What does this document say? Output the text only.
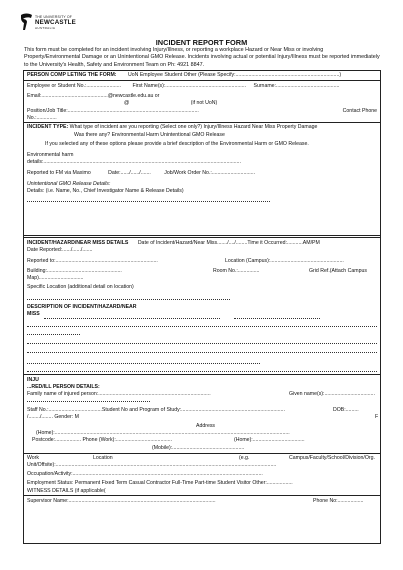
THE UNIVERSITY OF
NEWCASTLE
AUSTRALIA
INCIDENT REPORT FORM
This form must be completed for an incident involving Injury/Illness, or reporting a workplace Hazard or Near Miss or involving Property/Environmental Damage or an Unintentional GMO Release. Incidents involving actual or potential Injury/Illness must be reported immediately to the University's Health, Safety and Environment Team on Ph: 4921 8847.
PERSON COMP LETING THE FORM: UoN Employee Student Other (Please Specify:........................................................................)
Employee or Student No.:........................ First Name(s):........................................................ Surname:............................................
Email:..............................................@newcastle.edu.au or
@	(if not UoN)
Position/Job Title:...........................................................................................	Contact Phone
No.:..............
INCIDENT TYPE: What type of incident are you reporting (Select one only?) Injury/Illness Hazard Near Miss Property Damage
Was there any? Environmental Harm Unintentional GMO Release
If you selected any of these options please provide a brief description of the Environmental Harm or GMO Release.
Environmental harm
details:.........................................................................................................................................
Reported to FM via Maximo	Date:....../....../.......	Job/Work Order No.:..............................
Unintentional GMO Release Details:
Details: (i.e. Name, No., Chief Investigator Name & Release Details)
INCIDENT/HAZARD/NEAR MISS DETAILS Date of Incident/Hazard/Near Miss......./..../........Time it Occurred:...........AM/PM
Date Reported:....../....../.......
Reported to:.......................................................................	Location (Campus):...................................................
Building:....................................................	Room No.:...............	Grid Ref.(Attach Campus
Map)...............................
Specific Location (additional detail on location)
DESCRIPTION OF INCIDENT/HAZARD/NEAR
MISS
INJU
...RED/ILL PERSON DETAILS:
Family name of injured person:..............................................................................	Given name(s):...................................
Staff No.:.....................................Student No and Program of Study:........................................................................	DOB:.........
/......../........ Gender: M	F
Address
(Home):...................................................................................................................................................................
Postcode:.................. Phone (Work):.......................................	(Home):....................................
(Mobile):..................................................
Work	Location	(e.g.	Campus/Faculty/School/Division/Org.
Unit/Offsite):.........................................................................................................................................................
Occupation/Activity:....................................................................................................................................
Employment Status: Permanent Fixed Term Casual Contractor Full-Time Part-time Student Visitor Other:..................
WITNESS DETAILS (if applicable(
Supervisor Name:......................................................................................................	Phone No:..................
